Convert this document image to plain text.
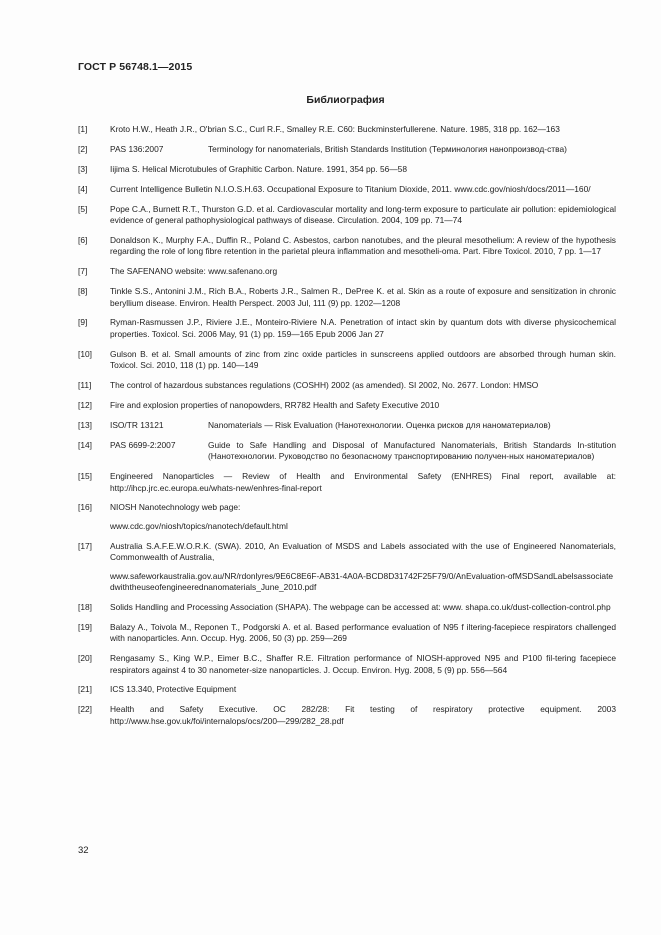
ГОСТ Р 56748.1—2015
Библиография
[1]	Kroto H.W., Heath J.R., O'brian S.C., Curl R.F., Smalley R.E. C60: Buckminsterfullerene. Nature. 1985, 318 pp. 162—163
[2]	PAS 136:2007	Terminology for nanomaterials, British Standards Institution (Терминология нанопроизвод-ства)
[3]	Iijima S. Helical Microtubules of Graphitic Carbon. Nature. 1991, 354 pp. 56—58
[4]	Current Intelligence Bulletin N.I.O.S.H.63. Occupational Exposure to Titanium Dioxide, 2011. www.cdc.gov/niosh/docs/2011—160/
[5]	Pope C.A., Burnett R.T., Thurston G.D. et al. Cardiovascular mortality and long-term exposure to particulate air pollution: epidemiological evidence of general pathophysiological pathways of disease. Circulation. 2004, 109 pp. 71—74
[6]	Donaldson K., Murphy F.A., Duffin R., Poland C. Asbestos, carbon nanotubes, and the pleural mesothelium: A review of the hypothesis regarding the role of long fibre retention in the parietal pleura inflammation and mesotheli-oma. Part. Fibre Toxicol. 2010, 7 pp. 1—17
[7]	The SAFENANO website: www.safenano.org
[8]	Tinkle S.S., Antonini J.M., Rich B.A., Roberts J.R., Salmen R., DePree K. et al. Skin as a route of exposure and sensitization in chronic beryllium disease. Environ. Health Perspect. 2003 Jul, 111 (9) pp. 1202—1208
[9]	Ryman-Rasmussen J.P., Riviere J.E., Monteiro-Riviere N.A. Penetration of intact skin by quantum dots with diverse physicochemical properties. Toxicol. Sci. 2006 May, 91 (1) pp. 159—165 Epub 2006 Jan 27
[10] Gulson B. et al. Small amounts of zinc from zinc oxide particles in sunscreens applied outdoors are absorbed through human skin. Toxicol. Sci. 2010, 118 (1) pp. 140—149
[11] The control of hazardous substances regulations (COSHH) 2002 (as amended). SI 2002, No. 2677. London: HMSO
[12] Fire and explosion properties of nanopowders, RR782 Health and Safety Executive 2010
[13] ISO/TR 13121	Nanomaterials — Risk Evaluation (Нанотехнологии. Оценка рисков для наноматериалов)
[14] PAS 6699-2:2007	Guide to Safe Handling and Disposal of Manufactured Nanomaterials, British Standards In-stitution (Нанотехнологии. Руководство по безопасному транспортированию получен-ных наноматериалов)
[15] Engineered Nanoparticles — Review of Health and Environmental Safety (ENHRES) Final report, available at: http://ihcp.jrc.ec.europa.eu/whats-new/enhres-final-report
[16] NIOSH Nanotechnology web page:
www.cdc.gov/niosh/topics/nanotech/default.html
[17] Australia S.A.F.E.W.O.R.K. (SWA). 2010, An Evaluation of MSDS and Labels associated with the use of Engineered Nanomaterials, Commonwealth of Australia,
www.safeworkaustralia.gov.au/NR/rdonlyres/9E6C8E6F-AB31-4A0A-BCD8D31742F25F79/0/AnEvaluation-ofMSDSandLabelsassociatedwiththeuseofengineerednanomaterials_June_2010.pdf
[18] Solids Handling and Processing Association (SHAPA). The webpage can be accessed at: www. shapa.co.uk/dust-collection-control.php
[19] Balazy A., Toivola M., Reponen T., Podgorski A. et al. Based performance evaluation of N95 f iltering-facepiece respirators challenged with nanoparticles. Ann. Occup. Hyg. 2006, 50 (3) pp. 259—269
[20] Rengasamy S., King W.P., Eimer B.C., Shaffer R.E. Filtration performance of NIOSH-approved N95 and P100 fil-tering facepiece respirators against 4 to 30 nanometer-size nanoparticles. J. Occup. Environ. Hyg. 2008, 5 (9) pp. 556—564
[21] ICS 13.340, Protective Equipment
[22] Health and Safety Executive. OC 282/28: Fit testing of respiratory protective equipment. 2003 http://www.hse.gov.uk/foi/internalops/ocs/200—299/282_28.pdf
32
